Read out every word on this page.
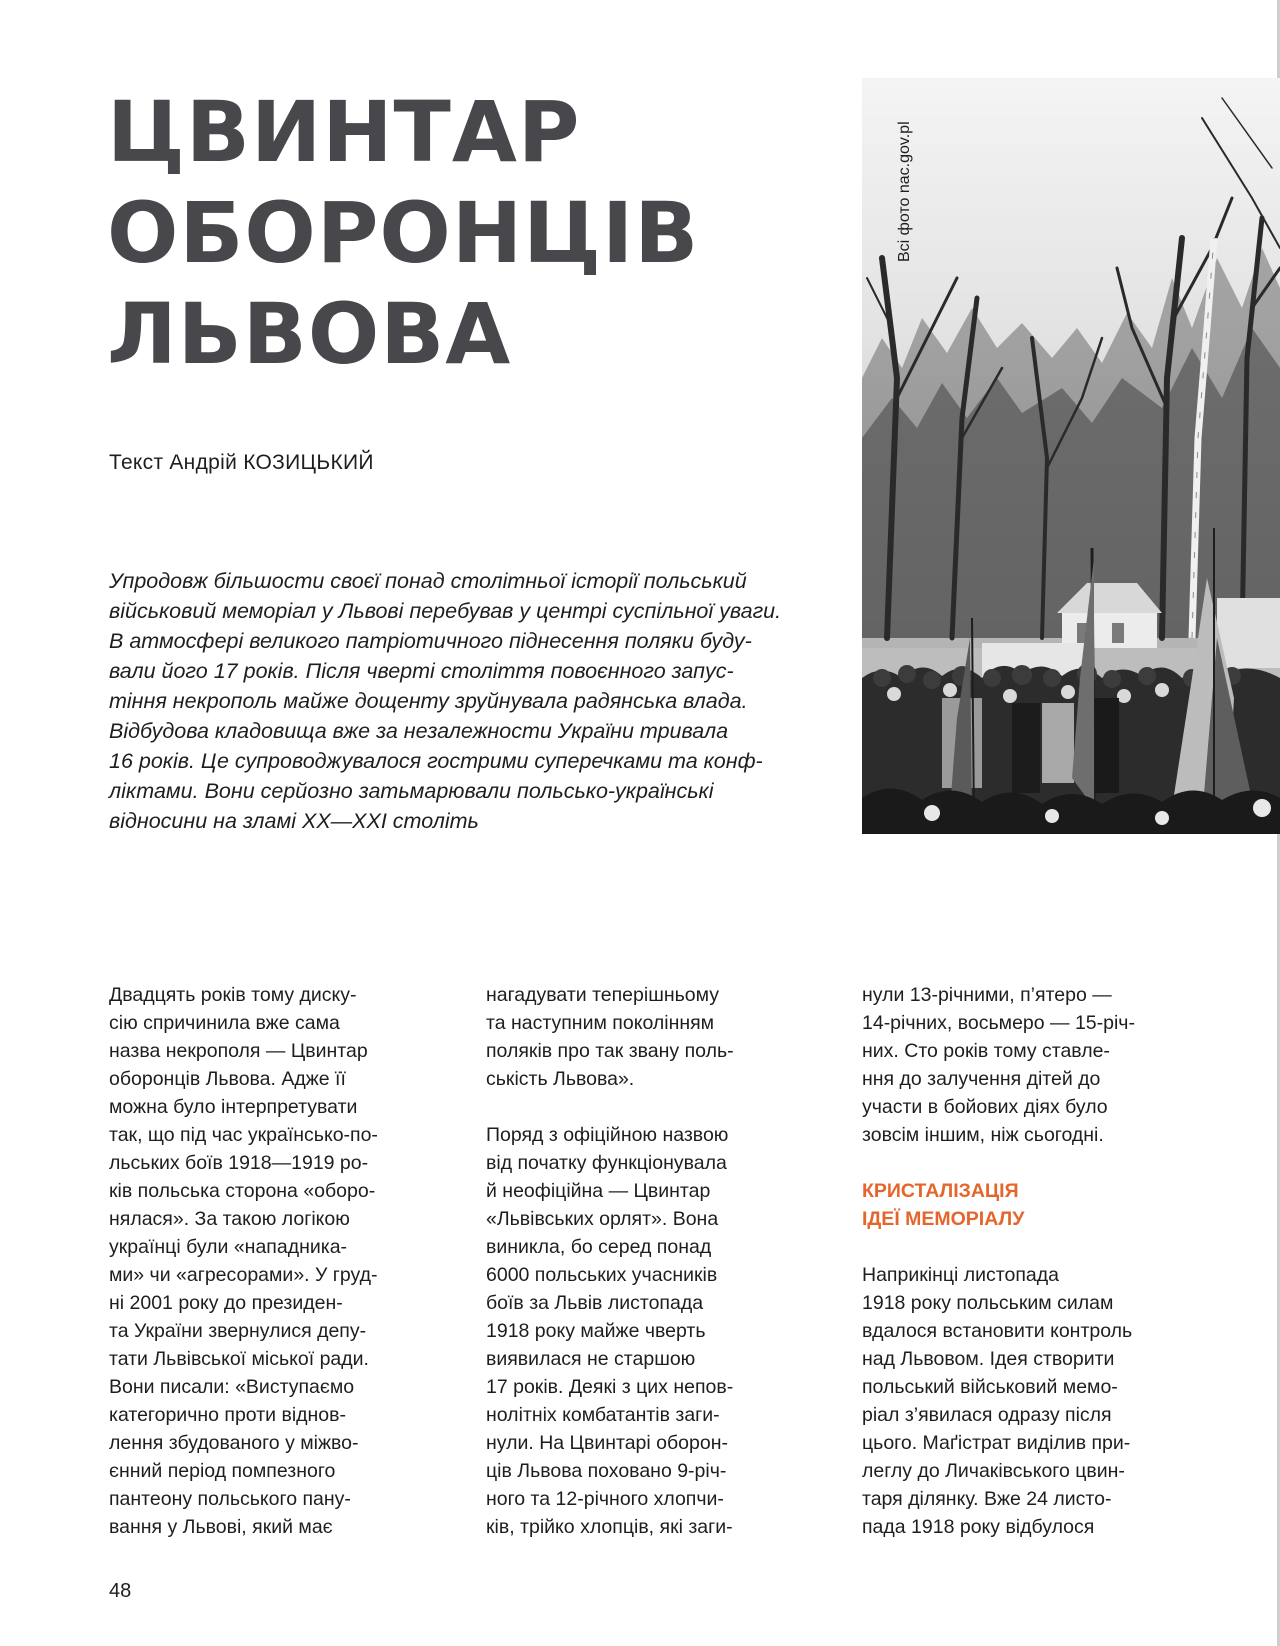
ЦВИНТАР
ОБОРОНЦІВ
ЛЬВОВА
Текст Андрій КОЗИЦЬКИЙ

Упродовж більшости своєї понад столітньої історії польський
військовий меморіал у Львові перебував у центрі суспільної уваги.
В атмосфері великого патріотичного піднесення поляки буду-
вали його 17 років. Після чверті століття повоєнного запус-
тіння некрополь майже дощенту зруйнувала радянська влада.
Відбудова кладовища вже за незалежности України тривала
16 років. Це супроводжувалося гострими суперечками та конф-
ліктами. Вони серйозно затьмарювали польсько-українські
відносини на зламі XX—XXI століть

Всі фото nac.gov.pl
Двадцять років тому диску-
сію спричинила вже сама
назва некрополя — Цвинтар
оборонців Львова. Адже її
можна було інтерпретувати
так, що під час українсько-по-
льських боїв 1918—1919 ро-
ків польська сторона «оборо-
нялася». За такою логікою
українці були «нападника-
ми» чи «агресорами». У груд-
ні 2001 року до президен-
та України звернулися депу-
тати Львівської міської ради.
Вони писали: «Виступаємо
категорично проти віднов-
лення збудованого у міжво-
єнний період помпезного
пантеону польського пану-
вання у Львові, який має
нагадувати теперішньому
та наступним поколінням
поляків про так звану поль-
ськість Львова».
Поряд з офіційною назвою
від початку функціонувала
й неофіційна — Цвинтар
«Львівських орлят». Вона
виникла, бо серед понад
6000 польських учасників
боїв за Львів листопада
1918 року майже чверть
виявилася не старшою
17 років. Деякі з цих непов-
нолітніх комбатантів заги-
нули. На Цвинтарі оборон-
ців Львова поховано 9-річ-
ного та 12-річного хлопчи-
ків, трійко хлопців, які заги-
нули 13-річними, п’ятеро —
14-річних, восьмеро — 15-річ-
них. Сто років тому ставле-
ння до залучення дітей до
участи в бойових діях було
зовсім іншим, ніж сьогодні.
КРИСТАЛІЗАЦІЯ
ІДЕЇ МЕМОРІАЛУ
Наприкінці листопада
1918 року польським силам
вдалося встановити контроль
над Львовом. Ідея створити
польський військовий мемо-
ріал з’явилася одразу після
цього. Маґістрат виділив при-
леглу до Личаківського цвин-
таря ділянку. Вже 24 листо-
пада 1918 року відбулося
48
